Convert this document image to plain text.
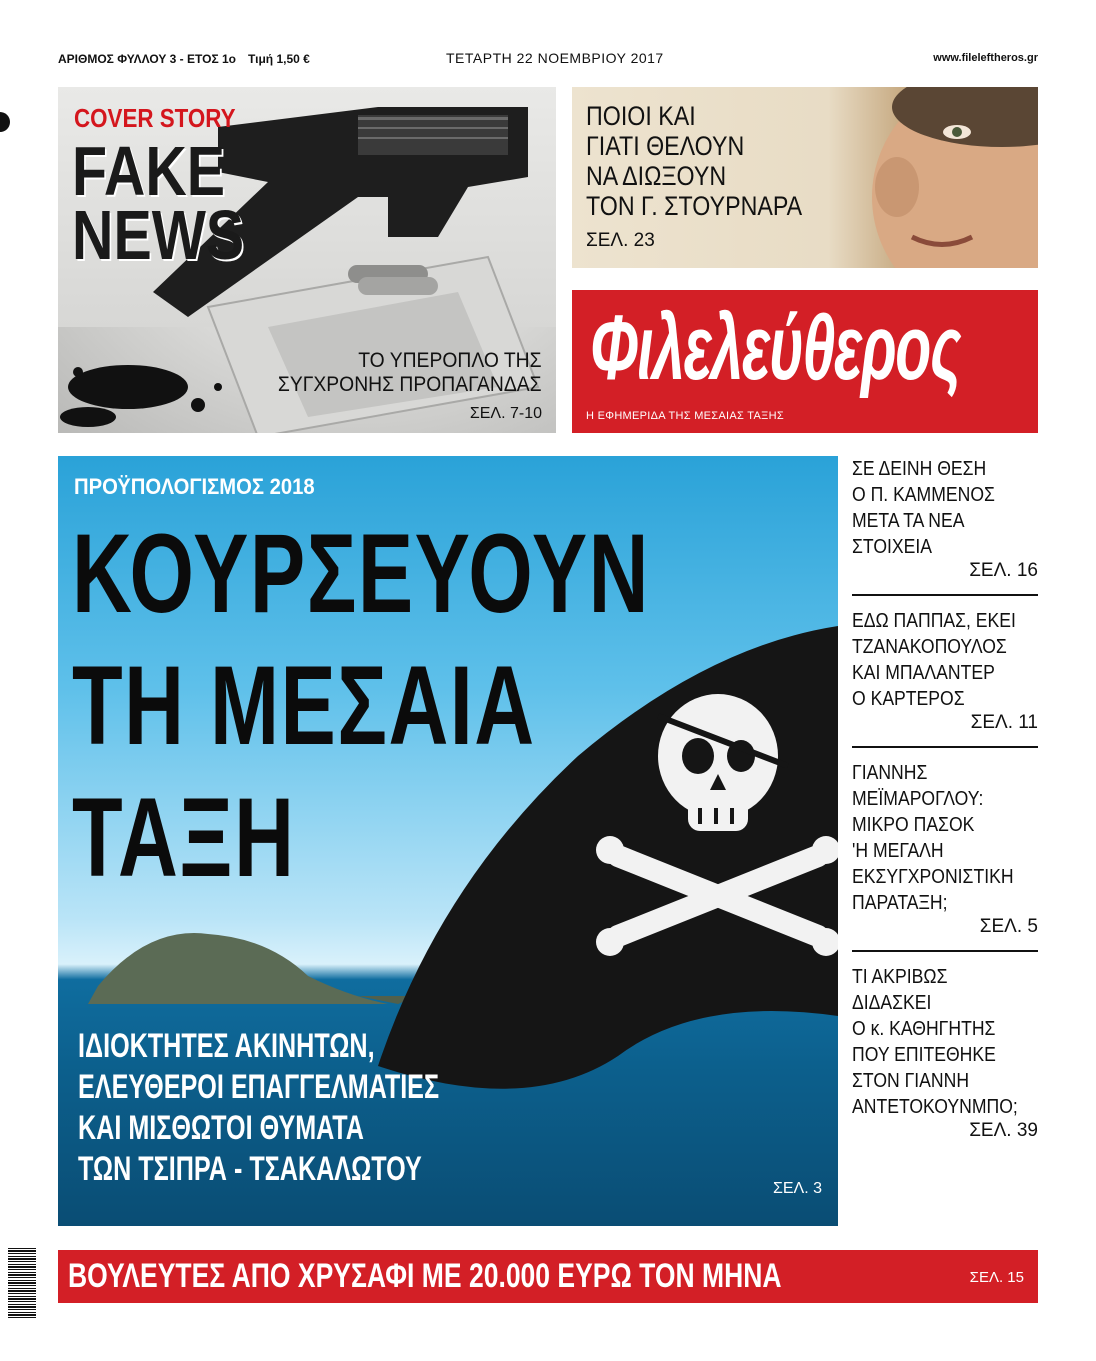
ΑΡΙΘΜΟΣ ΦΥΛΛΟΥ 3 - ΕΤΟΣ 1ο Τιμή 1,50 €	ΤΕΤΑΡΤΗ 22 ΝΟΕΜΒΡΙΟΥ 2017	www.fileleftheros.gr
COVER STORY
FAKE
NEWS
ΤΟ ΥΠΕΡΟΠΛΟ ΤΗΣ
ΣΥΓΧΡΟΝΗΣ ΠΡΟΠΑΓΑΝΔΑΣ
ΣΕΛ. 7-10
ΠΟΙΟΙ ΚΑΙ
ΓΙΑΤΙ ΘΕΛΟΥΝ
ΝΑ ΔΙΩΞΟΥΝ
ΤΟΝ Γ. ΣΤΟΥΡΝΑΡΑ
ΣΕΛ. 23
Φιλελεύθερος
Η ΕΦΗΜΕΡΙΔΑ ΤΗΣ ΜΕΣΑΙΑΣ ΤΑΞΗΣ
ΠΡΟΫΠΟΛΟΓΙΣΜΟΣ 2018
ΚΟΥΡΣΕΥΟΥΝ
ΤΗ ΜΕΣΑΙΑ
ΤΑΞΗ
ΙΔΙΟΚΤΗΤΕΣ ΑΚΙΝΗΤΩΝ,
ΕΛΕΥΘΕΡΟΙ ΕΠΑΓΓΕΛΜΑΤΙΕΣ
ΚΑΙ ΜΙΣΘΩΤΟΙ ΘΥΜΑΤΑ
ΤΩΝ ΤΣΙΠΡΑ - ΤΣΑΚΑΛΩΤΟΥ
ΣΕΛ. 3
ΣΕ ΔΕΙΝΗ ΘΕΣΗ
Ο Π. ΚΑΜΜΕΝΟΣ
ΜΕΤΑ ΤΑ ΝΕΑ
ΣΤΟΙΧΕΙΑ
ΣΕΛ. 16
ΕΔΩ ΠΑΠΠΑΣ, ΕΚΕΙ
ΤΖΑΝΑΚΟΠΟΥΛΟΣ
ΚΑΙ ΜΠΑΛΑΝΤΕΡ
Ο ΚΑΡΤΕΡΟΣ
ΣΕΛ. 11
ΓΙΑΝΝΗΣ
ΜΕΪΜΑΡΟΓΛΟΥ:
ΜΙΚΡΟ ΠΑΣΟΚ
'Η ΜΕΓΑΛΗ
ΕΚΣΥΓΧΡΟΝΙΣΤΙΚΗ
ΠΑΡΑΤΑΞΗ;
ΣΕΛ. 5
ΤΙ ΑΚΡΙΒΩΣ
ΔΙΔΑΣΚΕΙ
Ο κ. ΚΑΘΗΓΗΤΗΣ
ΠΟΥ ΕΠΙΤΕΘΗΚΕ
ΣΤΟΝ ΓΙΑΝΝΗ
ΑΝΤΕΤΟΚΟΥΝΜΠΟ;
ΣΕΛ. 39
ΒΟΥΛΕΥΤΕΣ ΑΠΟ ΧΡΥΣΑΦΙ ΜΕ 20.000 ΕΥΡΩ ΤΟΝ ΜΗΝΑ	ΣΕΛ. 15
